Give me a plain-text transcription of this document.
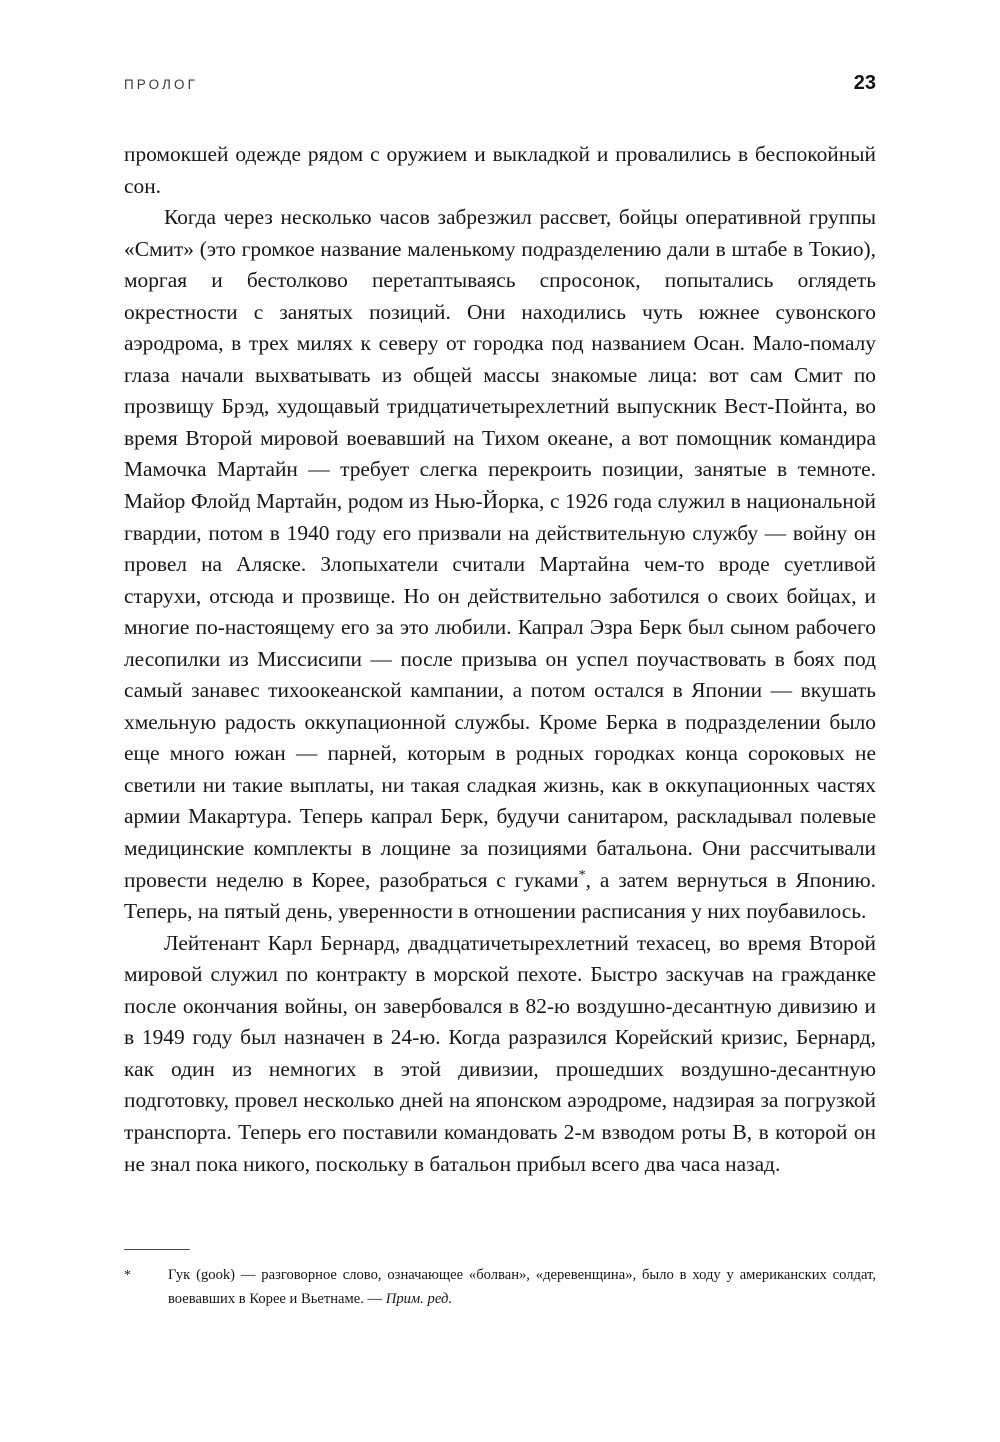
ПРОЛОГ	23

промокшей одежде рядом с оружием и выкладкой и провалились в беспокойный сон.

Когда через несколько часов забрезжил рассвет, бойцы оперативной группы «Смит» (это громкое название маленькому подразделению дали в штабе в Токио), моргая и бестолково перетаптываясь спросонок, попытались оглядеть окрестности с занятых позиций. Они находились чуть южнее сувонского аэродрома, в трех милях к северу от городка под названием Осан. Мало-помалу глаза начали выхватывать из общей массы знакомые лица: вот сам Смит по прозвищу Брэд, худощавый тридцатичетырехлетний выпускник Вест-Пойнта, во время Второй мировой воевавший на Тихом океане, а вот помощник командира Мамочка Мартайн — требует слегка перекроить позиции, занятые в темноте. Майор Флойд Мартайн, родом из Нью-Йорка, с 1926 года служил в национальной гвардии, потом в 1940 году его призвали на действительную службу — войну он провел на Аляске. Злопыхатели считали Мартайна чем-то вроде суетливой старухи, отсюда и прозвище. Но он действительно заботился о своих бойцах, и многие по-настоящему его за это любили. Капрал Эзра Берк был сыном рабочего лесопилки из Миссисипи — после призыва он успел поучаствовать в боях под самый занавес тихоокеанской кампании, а потом остался в Японии — вкушать хмельную радость оккупационной службы. Кроме Берка в подразделении было еще много южан — парней, которым в родных городках конца сороковых не светили ни такие выплаты, ни такая сладкая жизнь, как в оккупационных частях армии Макартура. Теперь капрал Берк, будучи санитаром, раскладывал полевые медицинские комплекты в лощине за позициями батальона. Они рассчитывали провести неделю в Корее, разобраться с гуками*, а затем вернуться в Японию. Теперь, на пятый день, уверенности в отношении расписания у них поубавилось.

Лейтенант Карл Бернард, двадцатичетырехлетний техасец, во время Второй мировой служил по контракту в морской пехоте. Быстро заскучав на гражданке после окончания войны, он завербовался в 82-ю воздушно-десантную дивизию и в 1949 году был назначен в 24-ю. Когда разразился Корейский кризис, Бернард, как один из немногих в этой дивизии, прошедших воздушно-десантную подготовку, провел несколько дней на японском аэродроме, надзирая за погрузкой транспорта. Теперь его поставили командовать 2-м взводом роты B, в которой он не знал пока никого, поскольку в батальон прибыл всего два часа назад.

*	Гук (gook) — разговорное слово, означающее «болван», «деревенщина», было в ходу у американских солдат, воевавших в Корее и Вьетнаме. — Прим. ред.
